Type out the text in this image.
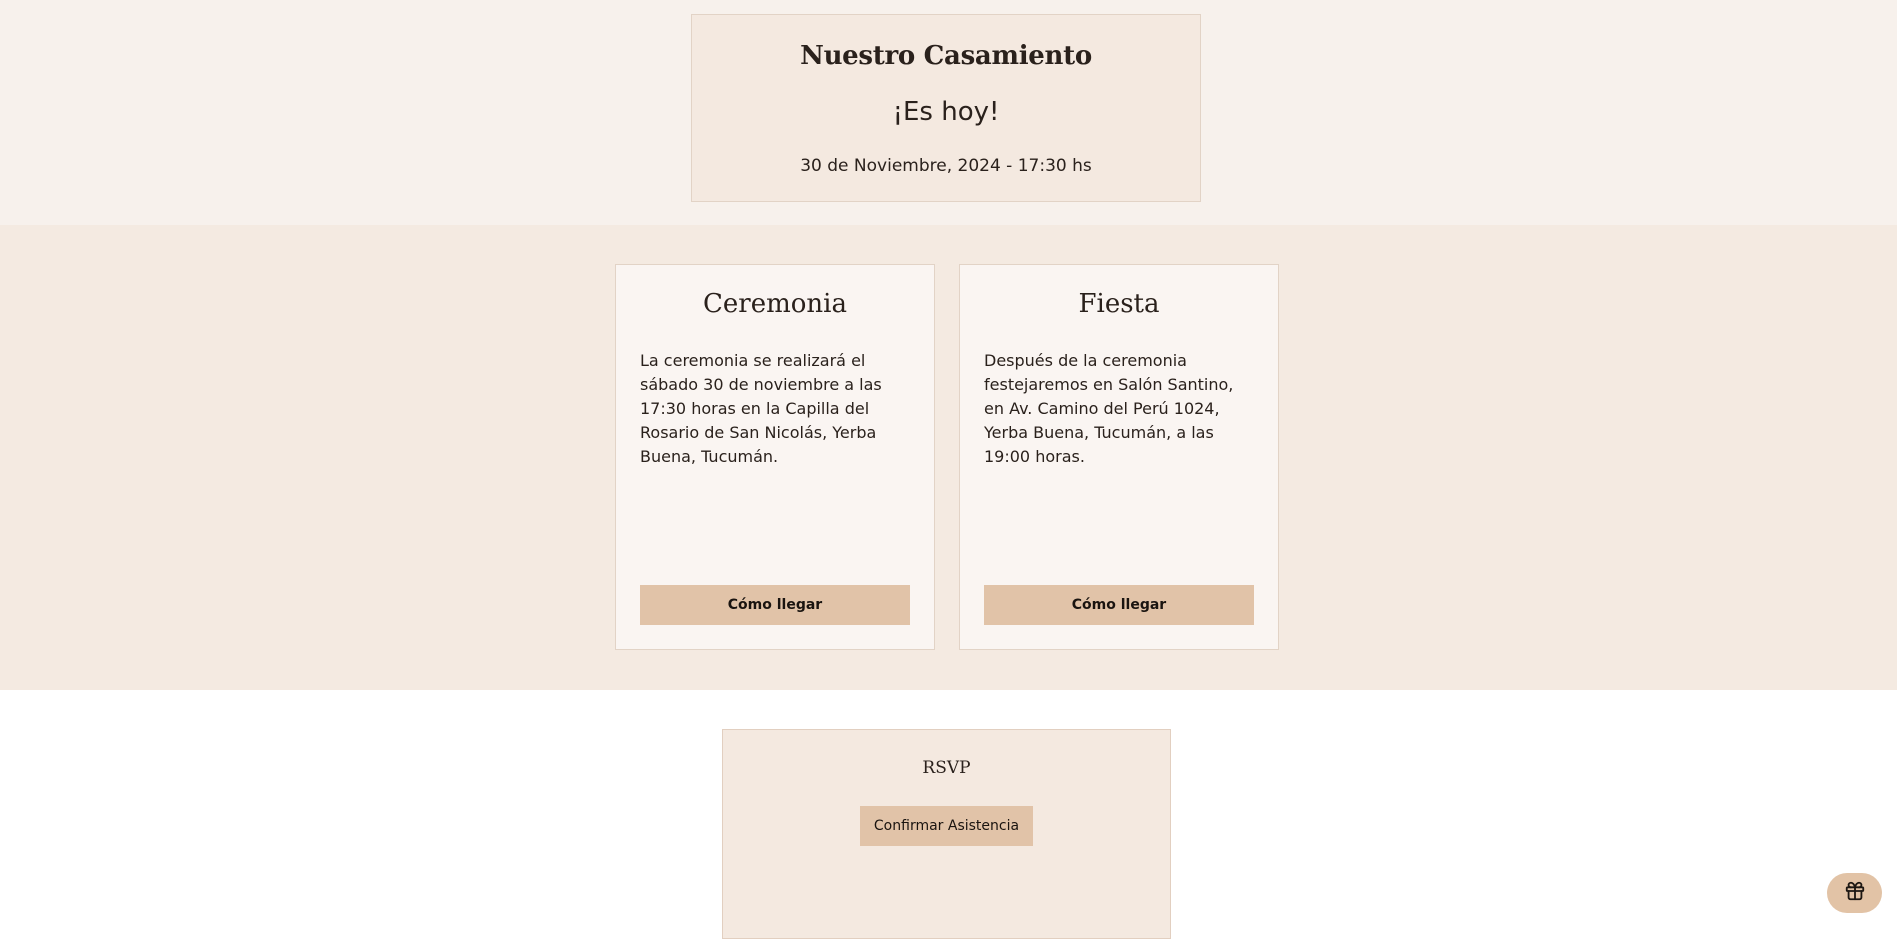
Nuestro Casamiento
¡Es hoy!
30 de Noviembre, 2024 - 17:30 hs
Ceremonia
La ceremonia se realizará el sábado 30 de noviembre a las 17:30 horas en la Capilla del Rosario de San Nicolás, Yerba Buena, Tucumán.
Cómo llegar
Fiesta
Después de la ceremonia festejaremos en Salón Santino, en Av. Camino del Perú 1024, Yerba Buena, Tucumán, a las 19:00 horas.
Cómo llegar
RSVP
Confirmar Asistencia
